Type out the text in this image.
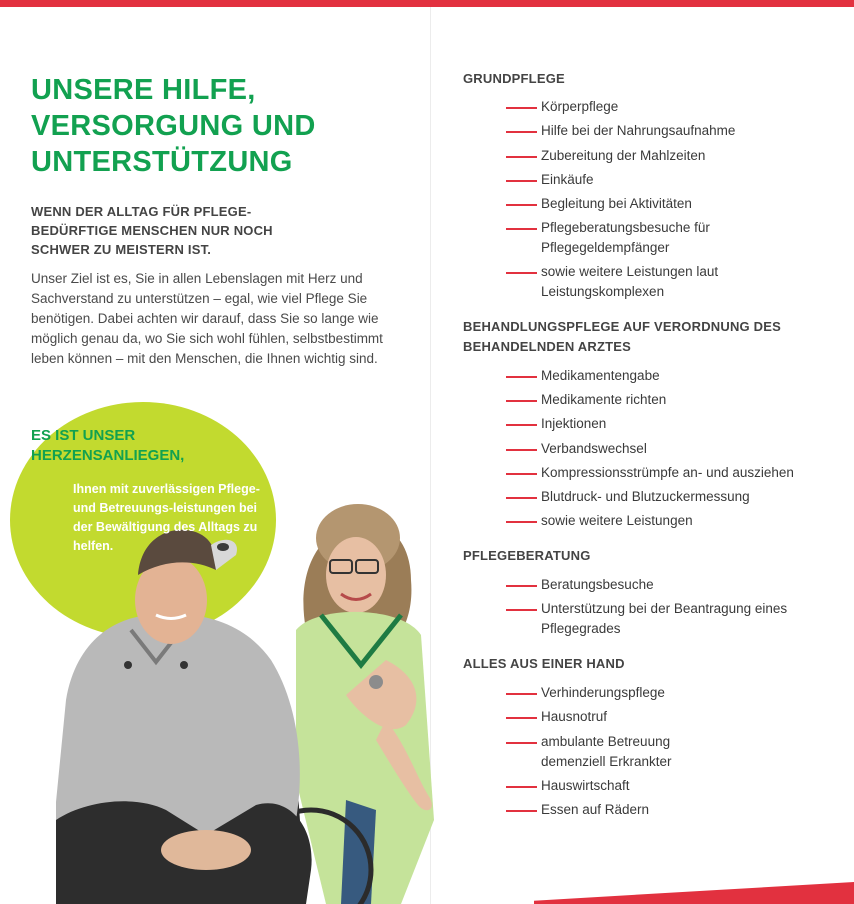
UNSERE HILFE, VERSORGUNG UND UNTERSTÜTZUNG
WENN DER ALLTAG FÜR PFLEGE-BEDÜRFTIGE MENSCHEN NUR NOCH SCHWER ZU MEISTERN IST.

Unser Ziel ist es, Sie in allen Lebenslagen mit Herz und Sachverstand zu unterstützen – egal, wie viel Pflege Sie benötigen. Dabei achten wir darauf, dass Sie so lange wie möglich genau da, wo Sie sich wohl fühlen, selbstbestimmt leben können – mit den Menschen, die Ihnen wichtig sind.

ES IST UNSER HERZENSANLIEGEN,

Ihnen mit zuverlässigen Pflege- und Betreuungs-leistungen bei der Bewältigung des Alltags zu helfen.

GRUNDPFLEGE
Körperpflege
Hilfe bei der Nahrungsaufnahme
Zubereitung der Mahlzeiten
Einkäufe
Begleitung bei Aktivitäten
Pflegeberatungsbesuche für Pflegegeldempfänger
sowie weitere Leistungen laut Leistungskomplexen
BEHANDLUNGSPFLEGE AUF VERORDNUNG DES BEHANDELNDEN ARZTES
Medikamentengabe
Medikamente richten
Injektionen
Verbandswechsel
Kompressionsstrümpfe an- und ausziehen
Blutdruck- und Blutzuckermessung
sowie weitere Leistungen
PFLEGEBERATUNG
Beratungsbesuche
Unterstützung bei der Beantragung eines Pflegegrades
ALLES AUS EINER HAND
Verhinderungspflege
Hausnotruf
ambulante Betreuung demenziell Erkrankter
Hauswirtschaft
Essen auf Rädern
